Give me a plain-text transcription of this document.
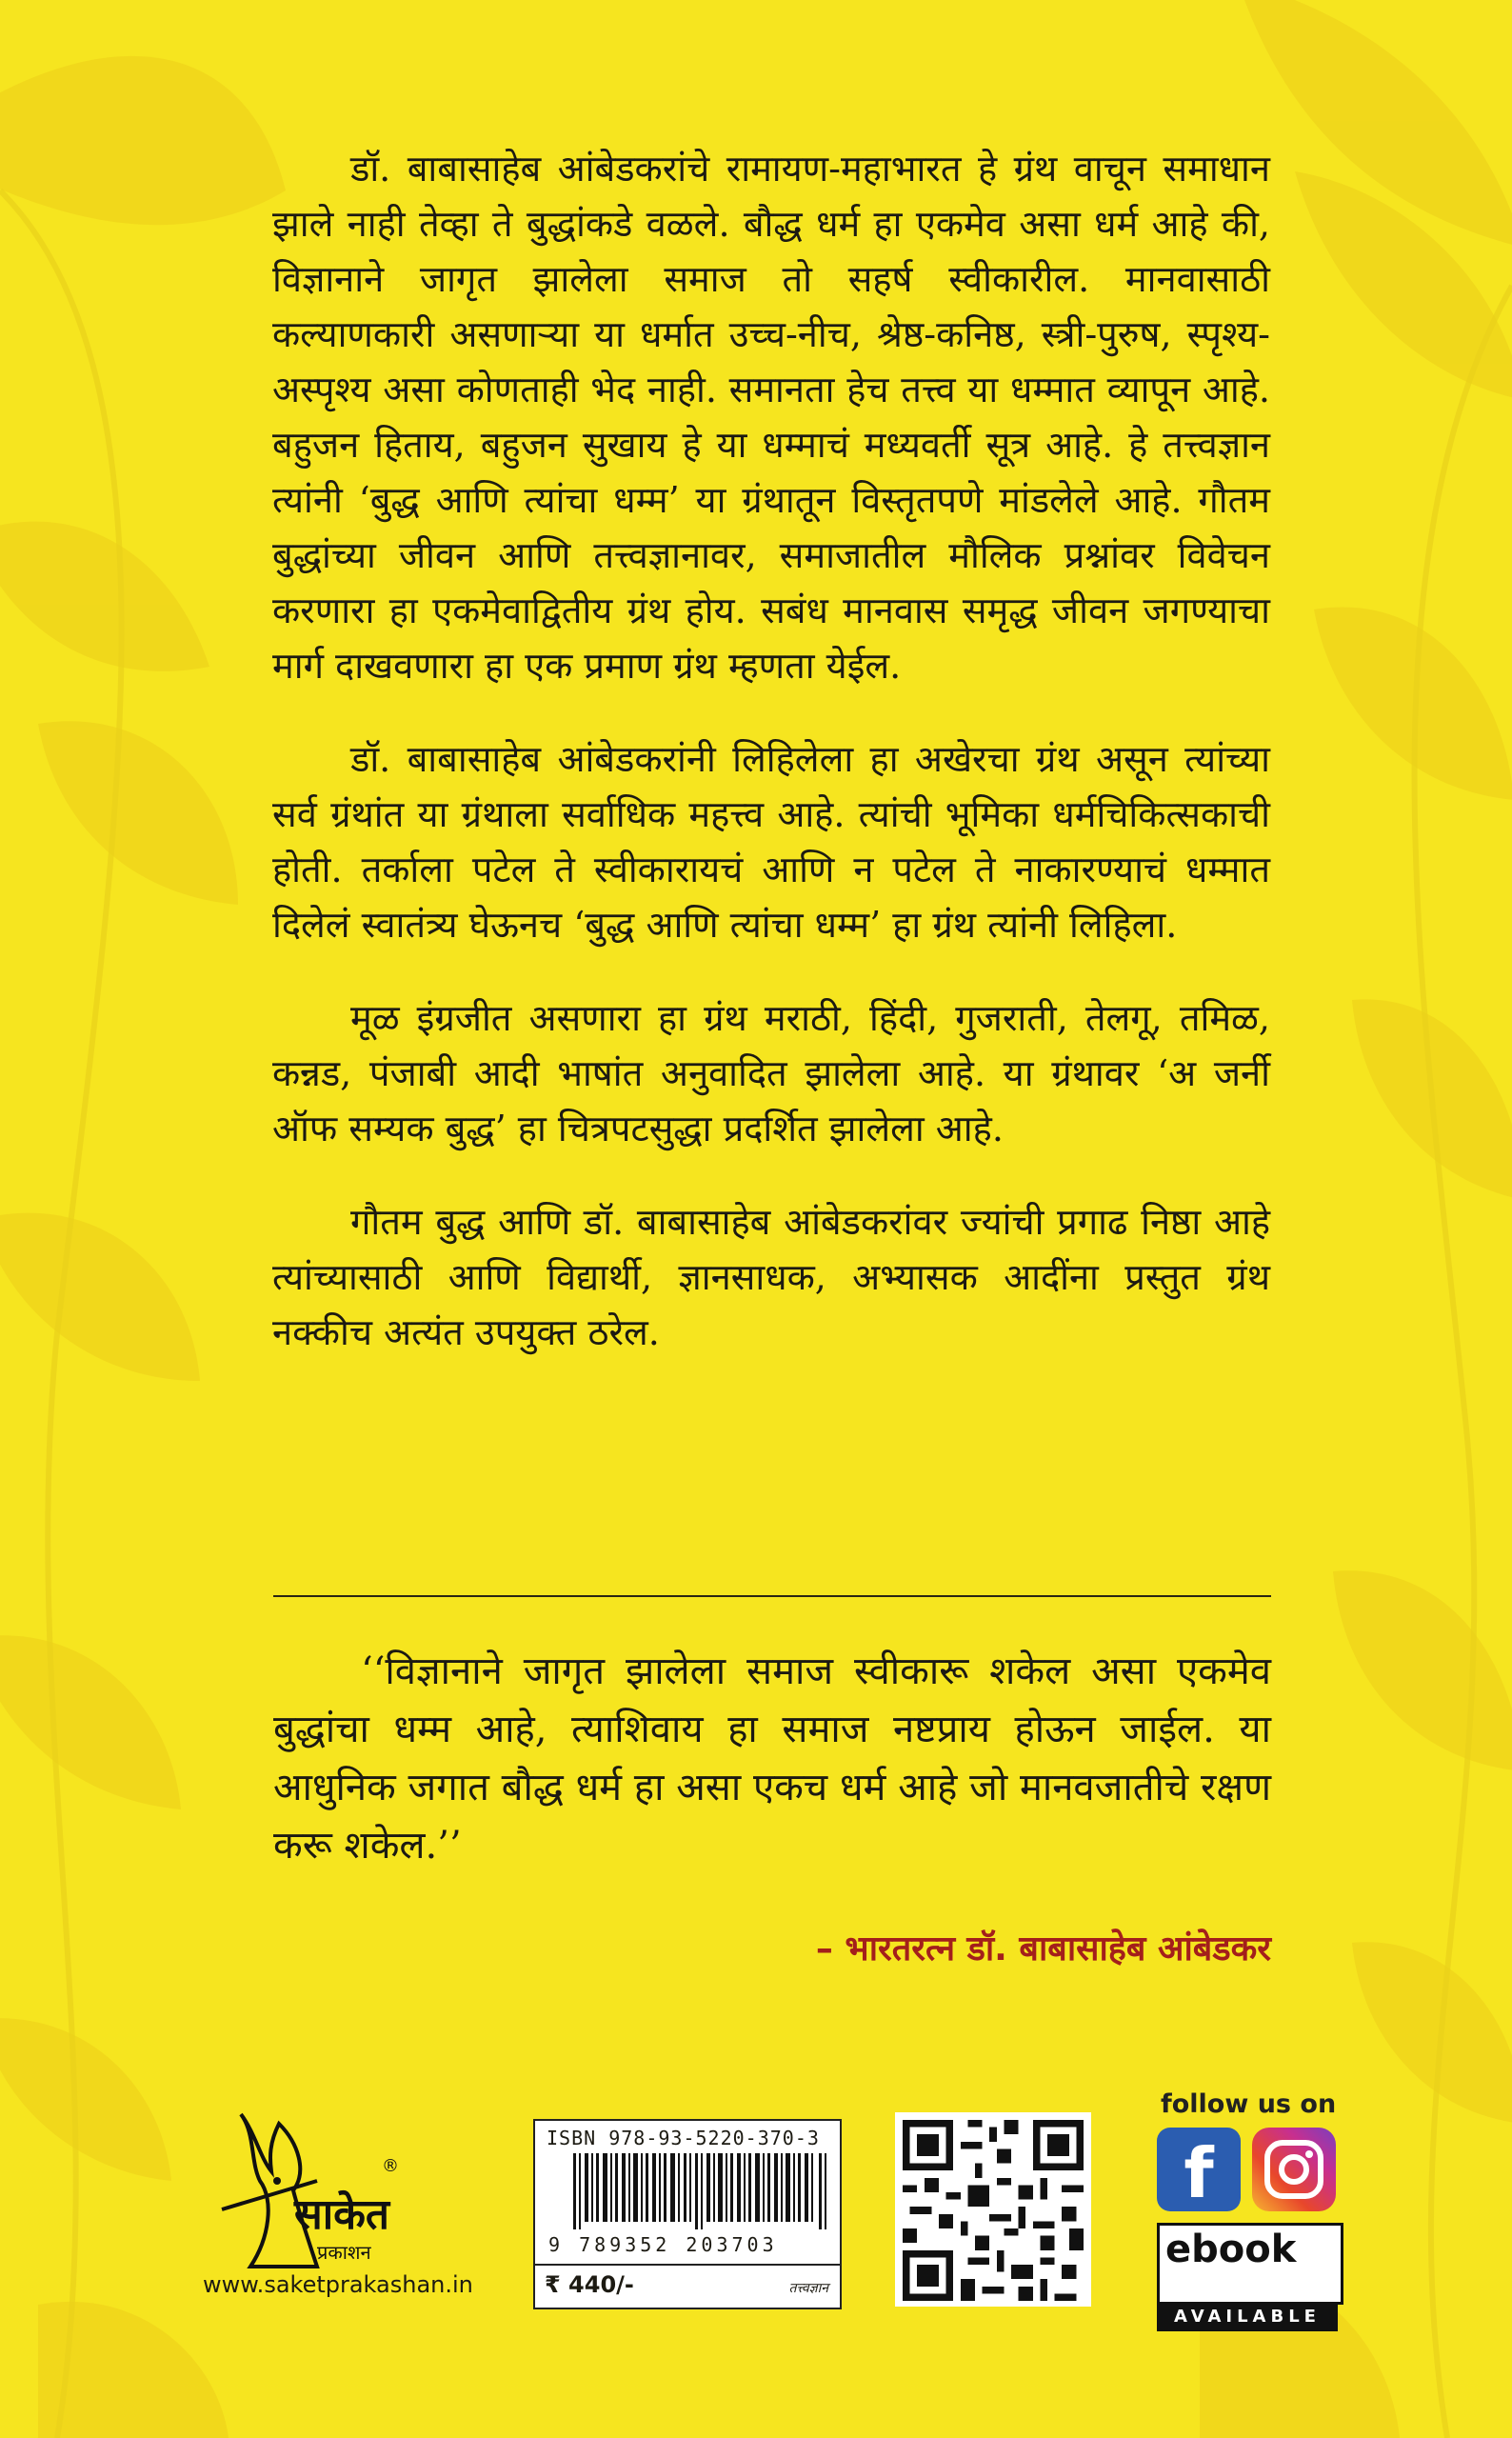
डॉ. बाबासाहेब आंबेडकरांचे रामायण-महाभारत हे ग्रंथ वाचून समाधान झाले नाही तेव्हा ते बुद्धांकडे वळले. बौद्ध धर्म हा एकमेव असा धर्म आहे की, विज्ञानाने जागृत झालेला समाज तो सहर्ष स्वीकारील. मानवासाठी कल्याणकारी असणाऱ्या या धर्मात उच्च-नीच, श्रेष्ठ-कनिष्ठ, स्त्री-पुरुष, स्पृश्य-अस्पृश्य असा कोणताही भेद नाही. समानता हेच तत्त्व या धम्मात व्यापून आहे. बहुजन हिताय, बहुजन सुखाय हे या धम्माचं मध्यवर्ती सूत्र आहे. हे तत्त्वज्ञान त्यांनी ‘बुद्ध आणि त्यांचा धम्म’ या ग्रंथातून विस्तृतपणे मांडलेले आहे. गौतम बुद्धांच्या जीवन आणि तत्त्वज्ञानावर, समाजातील मौलिक प्रश्नांवर विवेचन करणारा हा एकमेवाद्वितीय ग्रंथ होय. सबंध मानवास समृद्ध जीवन जगण्याचा मार्ग दाखवणारा हा एक प्रमाण ग्रंथ म्हणता येईल.

डॉ. बाबासाहेब आंबेडकरांनी लिहिलेला हा अखेरचा ग्रंथ असून त्यांच्या सर्व ग्रंथांत या ग्रंथाला सर्वाधिक महत्त्व आहे. त्यांची भूमिका धर्मचिकित्सकाची होती. तर्काला पटेल ते स्वीकारायचं आणि न पटेल ते नाकारण्याचं धम्मात दिलेलं स्वातंत्र्य घेऊनच ‘बुद्ध आणि त्यांचा धम्म’ हा ग्रंथ त्यांनी लिहिला.

मूळ इंग्रजीत असणारा हा ग्रंथ मराठी, हिंदी, गुजराती, तेलगू, तमिळ, कन्नड, पंजाबी आदी भाषांत अनुवादित झालेला आहे. या ग्रंथावर ‘अ जर्नी ऑफ सम्यक बुद्ध’ हा चित्रपटसुद्धा प्रदर्शित झालेला आहे.

गौतम बुद्ध आणि डॉ. बाबासाहेब आंबेडकरांवर ज्यांची प्रगाढ निष्ठा आहे त्यांच्यासाठी आणि विद्यार्थी, ज्ञानसाधक, अभ्यासक आदींना प्रस्तुत ग्रंथ नक्कीच अत्यंत उपयुक्त ठरेल.

‘‘विज्ञानाने जागृत झालेला समाज स्वीकारू शकेल असा एकमेव बुद्धांचा धम्म आहे, त्याशिवाय हा समाज नष्टप्राय होऊन जाईल. या आधुनिक जगात बौद्ध धर्म हा असा एकच धर्म आहे जो मानवजातीचे रक्षण करू शकेल.’’

– भारतरत्न डॉ. बाबासाहेब आंबेडकर

साकेत
प्रकाशन
®
www.saketprakashan.in
ISBN 978-93-5220-370-3
9 789352 203703
₹ 440/-	तत्त्वज्ञान
follow us on
f
ebook
AVAILABLE
